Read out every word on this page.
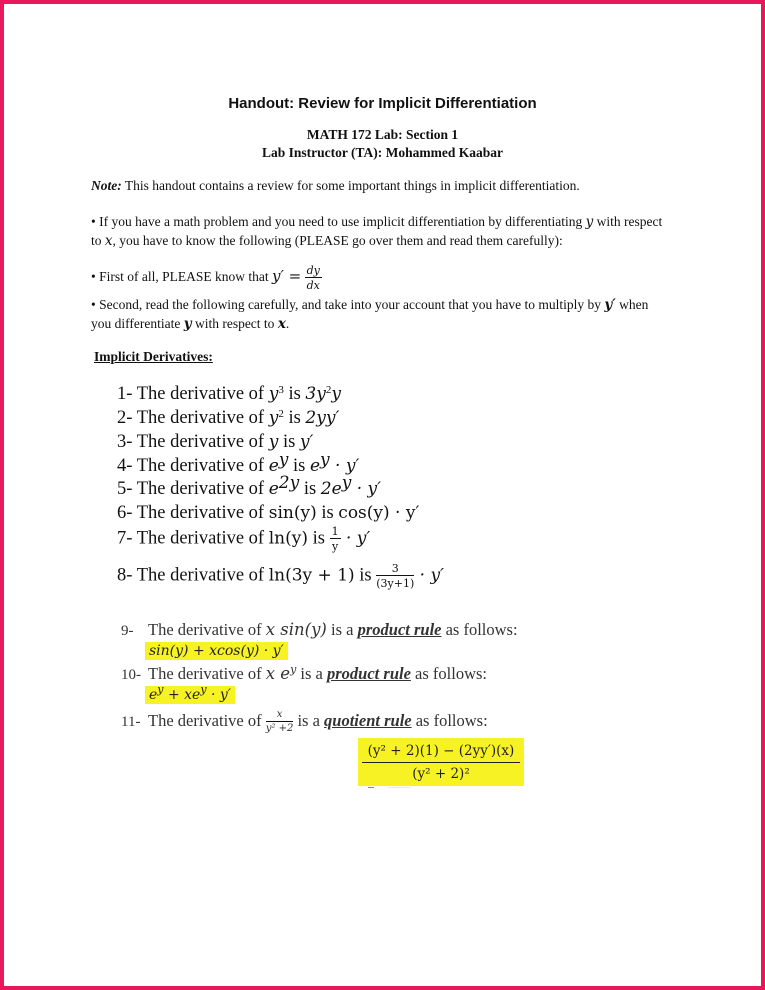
Handout: Review for Implicit Differentiation
MATH 172 Lab: Section 1
Lab Instructor (TA): Mohammed Kaabar
Note: This handout contains a review for some important things in implicit differentiation.
• If you have a math problem and you need to use implicit differentiation by differentiating y with respect to x, you have to know the following (PLEASE go over them and read them carefully):
• First of all, PLEASE know that $y' = \frac{dy}{dx}$
• Second, read the following carefully, and take into your account that you have to multiply by y′ when you differentiate y with respect to x.
Implicit Derivatives:
1- The derivative of $y^3$ is $3y^2y$
2- The derivative of $y^2$ is 2yy′
3- The derivative of y is y′
4- The derivative of $e^y$ is $e^y \cdot y'$
5- The derivative of $e^{2y}$ is $2e^y \cdot y'$
6- The derivative of sin(y) is cos(y) · y′
7- The derivative of ln(y) is $\frac{1}{y} \cdot y'$
8- The derivative of ln(3y + 1) is $\frac{3}{(3y+1)} \cdot y'$
9- The derivative of x sin(y) is a product rule as follows:
sin(y) + xcos(y) · y′
10- The derivative of x $e^y$ is a product rule as follows:
$e^y + xe^y \cdot y'$
11- The derivative of $\frac{x}{\text{y² +2}}$ is a quotient rule as follows:
(y² + 2)(1) − (2yy′)(x)
(y² + 2)²
